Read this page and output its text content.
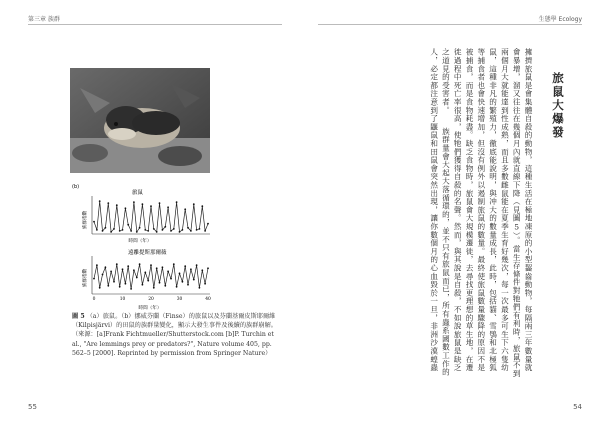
第三章 族群	生態學 Ecology
(b)
旅鼠
族群指數
時間（年）
遠離提斯那爾薇
族群指數
0	10	20	30	40
時間（年）
圖 5 （a）旅鼠。（b）挪威芬蘭（Finse）的旅鼠以及芬蘭基爾皮斯耶爾維（Kilpisjärvi）的田鼠的族群量變化，顯示大發生事件及後續的族群崩解。（來源：[a]Frank Fichtmueller/Shutterstock.com [b]P. Turchin et al., "Are lemmings prey or predators?", Nature volume 405, pp. 562–5 [2000]. Reprinted by permission from Springer Nature）
旅鼠大爆發
擁擠旅鼠是會集體自殺的動物，這種生活在極地凍原的小型齧齒動物，每隔兩三年數量就會暴增，溜又往往在幾個月內就直線下降（見圖5）。當生存條件對牠們有利時，旅鼠不到兩個月大就能達到性成熟，而且多數雌鼠能在夏季生育好幾次，每一次最多可生下六隻幼鼠，這種非凡的繁殖力，徹底能說明，與冲大的數量成長，此時，包括貓、雪鴞和北極狐等捕食者也會快速增加，但沒有例外以遏制旅鼠的數量。最終使旅鼠數量驟降的原因不是被捕食，而是食物耗盡。缺乏食物時，旅鼠會大規模遷徙，去尋找更理想的草生地，在遷徙過程中死亡率很高，使牠們獲得自殺的名聲。然而，與其說是自殺，不如說旅鼠是缺乏之道見的受害者。　　族群量會大起大落循環的，並不只有旅鼠而已，所有蟲系國數工作的人，必定都注意到了鼴鼠和田鼠會突然出現，讓你數個月的心血毀於一旦，非洲沙漠蝗蟲
55	54
